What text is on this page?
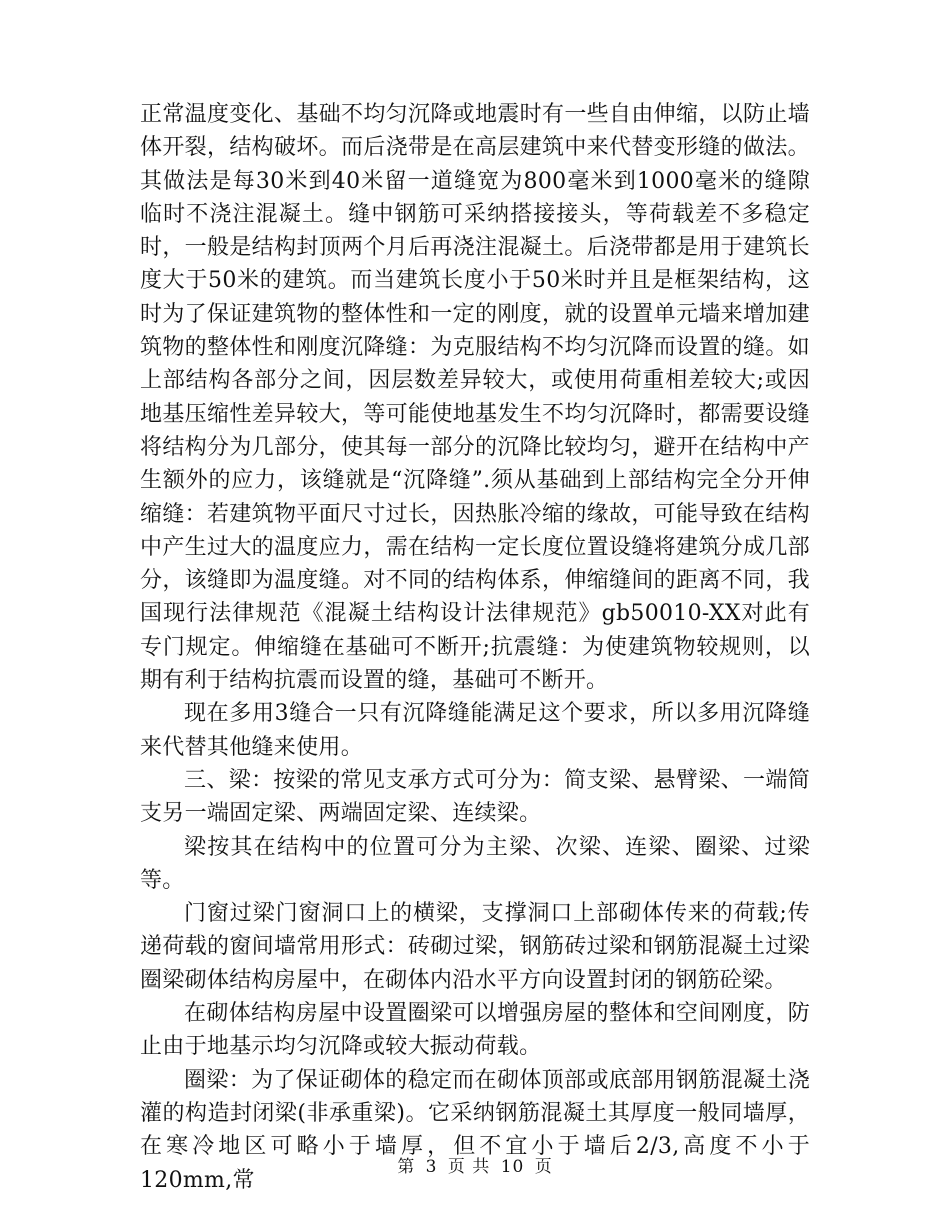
正常温度变化、基础不均匀沉降或地震时有一些自由伸缩，以防止墙体开裂，结构破坏。而后浇带是在高层建筑中来代替变形缝的做法。其做法是每30米到40米留一道缝宽为800毫米到1000毫米的缝隙临时不浇注混凝土。缝中钢筋可采纳搭接接头，等荷载差不多稳定时，一般是结构封顶两个月后再浇注混凝土。后浇带都是用于建筑长度大于50米的建筑。而当建筑长度小于50米时并且是框架结构，这时为了保证建筑物的整体性和一定的刚度，就的设置单元墙来增加建筑物的整体性和刚度沉降缝：为克服结构不均匀沉降而设置的缝。如上部结构各部分之间，因层数差异较大，或使用荷重相差较大;或因地基压缩性差异较大，等可能使地基发生不均匀沉降时，都需要设缝将结构分为几部分，使其每一部分的沉降比较均匀，避开在结构中产生额外的应力，该缝就是“沉降缝”.须从基础到上部结构完全分开伸缩缝：若建筑物平面尺寸过长，因热胀冷缩的缘故，可能导致在结构中产生过大的温度应力，需在结构一定长度位置设缝将建筑分成几部分，该缝即为温度缝。对不同的结构体系，伸缩缝间的距离不同，我国现行法律规范《混凝土结构设计法律规范》gb50010-XX对此有专门规定。伸缩缝在基础可不断开;抗震缝：为使建筑物较规则，以期有利于结构抗震而设置的缝，基础可不断开。

现在多用3缝合一只有沉降缝能满足这个要求，所以多用沉降缝来代替其他缝来使用。

三、梁：按梁的常见支承方式可分为：简支梁、悬臂梁、一端简支另一端固定梁、两端固定梁、连续梁。

梁按其在结构中的位置可分为主梁、次梁、连梁、圈梁、过梁等。

门窗过梁门窗洞口上的横梁，支撑洞口上部砌体传来的荷载;传递荷载的窗间墙常用形式：砖砌过梁，钢筋砖过梁和钢筋混凝土过梁圈梁砌体结构房屋中，在砌体内沿水平方向设置封闭的钢筋砼梁。

在砌体结构房屋中设置圈梁可以增强房屋的整体和空间刚度，防止由于地基示均匀沉降或较大振动荷载。

圈梁：为了保证砌体的稳定而在砌体顶部或底部用钢筋混凝土浇灌的构造封闭梁(非承重梁)。它采纳钢筋混凝土其厚度一般同墙厚，在寒冷地区可略小于墙厚，但不宜小于墙后2/3,高度不小于120mm,常

第 3 页 共 10 页
